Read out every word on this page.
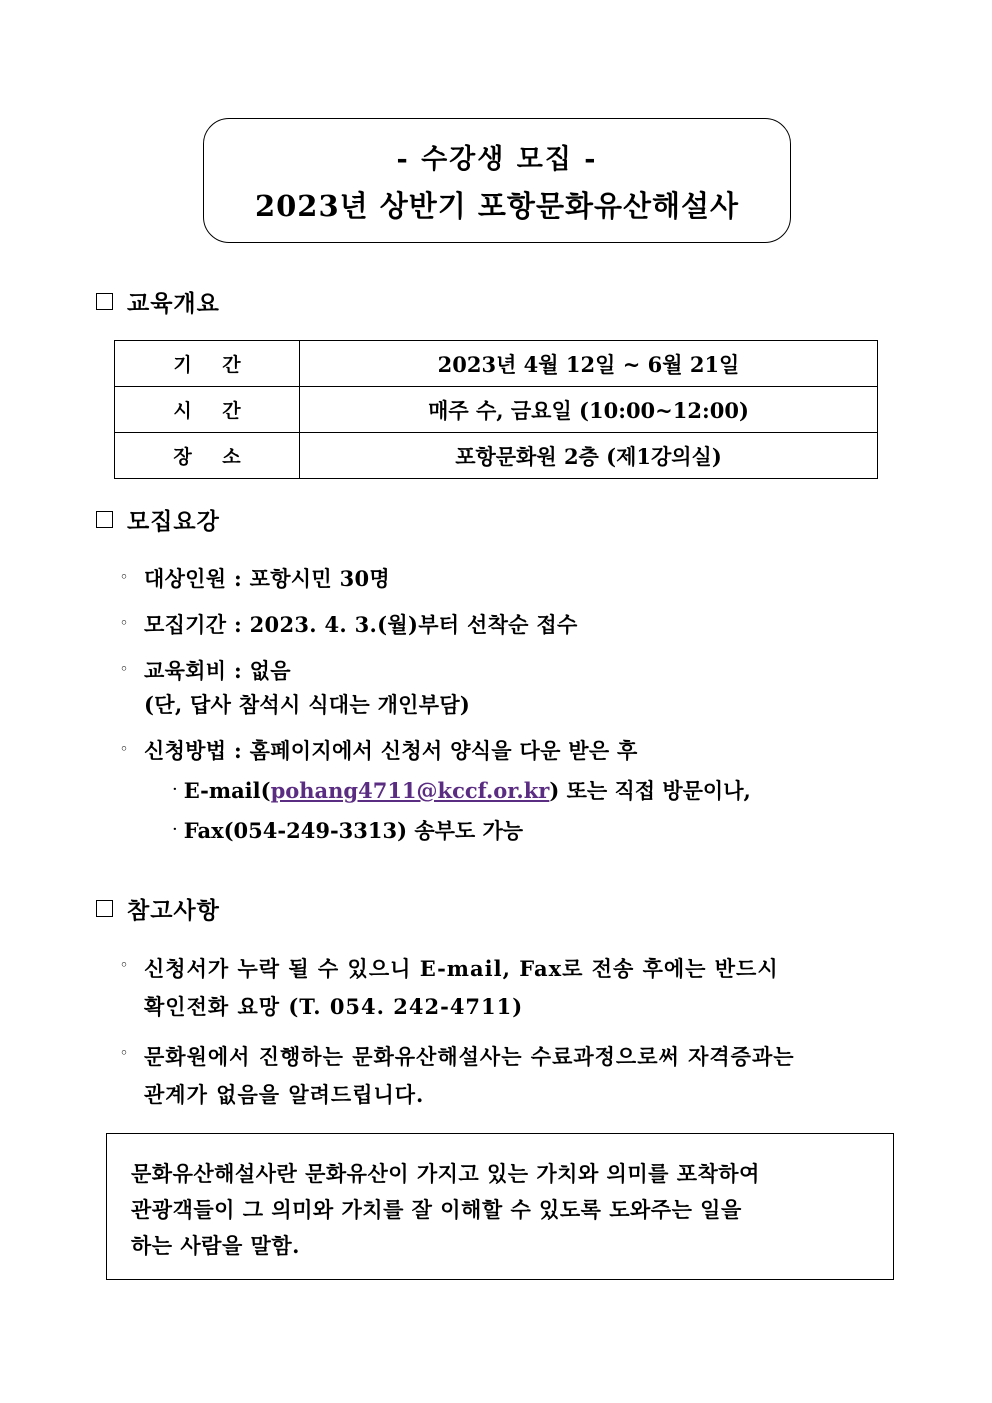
- 수강생 모집 -
2023년 상반기 포항문화유산해설사
교육개요
기 간	2023년 4월 12일 ~ 6월 21일
시 간	매주 수, 금요일 (10:00~12:00)
장 소	포항문화원 2층 (제1강의실)
모집요강
◦ 대상인원 : 포항시민 30명
◦ 모집기간 : 2023. 4. 3.(월)부터 선착순 접수
◦ 교육회비 : 없음
(단, 답사 참석시 식대는 개인부담)
◦ 신청방법 : 홈페이지에서 신청서 양식을 다운 받은 후
· E-mail(pohang4711@kccf.or.kr) 또는 직접 방문이나,
· Fax(054-249-3313) 송부도 가능
참고사항
◦ 신청서가 누락 될 수 있으니 E-mail, Fax로 전송 후에는 반드시
확인전화 요망 (T. 054. 242-4711)
◦ 문화원에서 진행하는 문화유산해설사는 수료과정으로써 자격증과는
관계가 없음을 알려드립니다.
문화유산해설사란 문화유산이 가지고 있는 가치와 의미를 포착하여
관광객들이 그 의미와 가치를 잘 이해할 수 있도록 도와주는 일을
하는 사람을 말함.
